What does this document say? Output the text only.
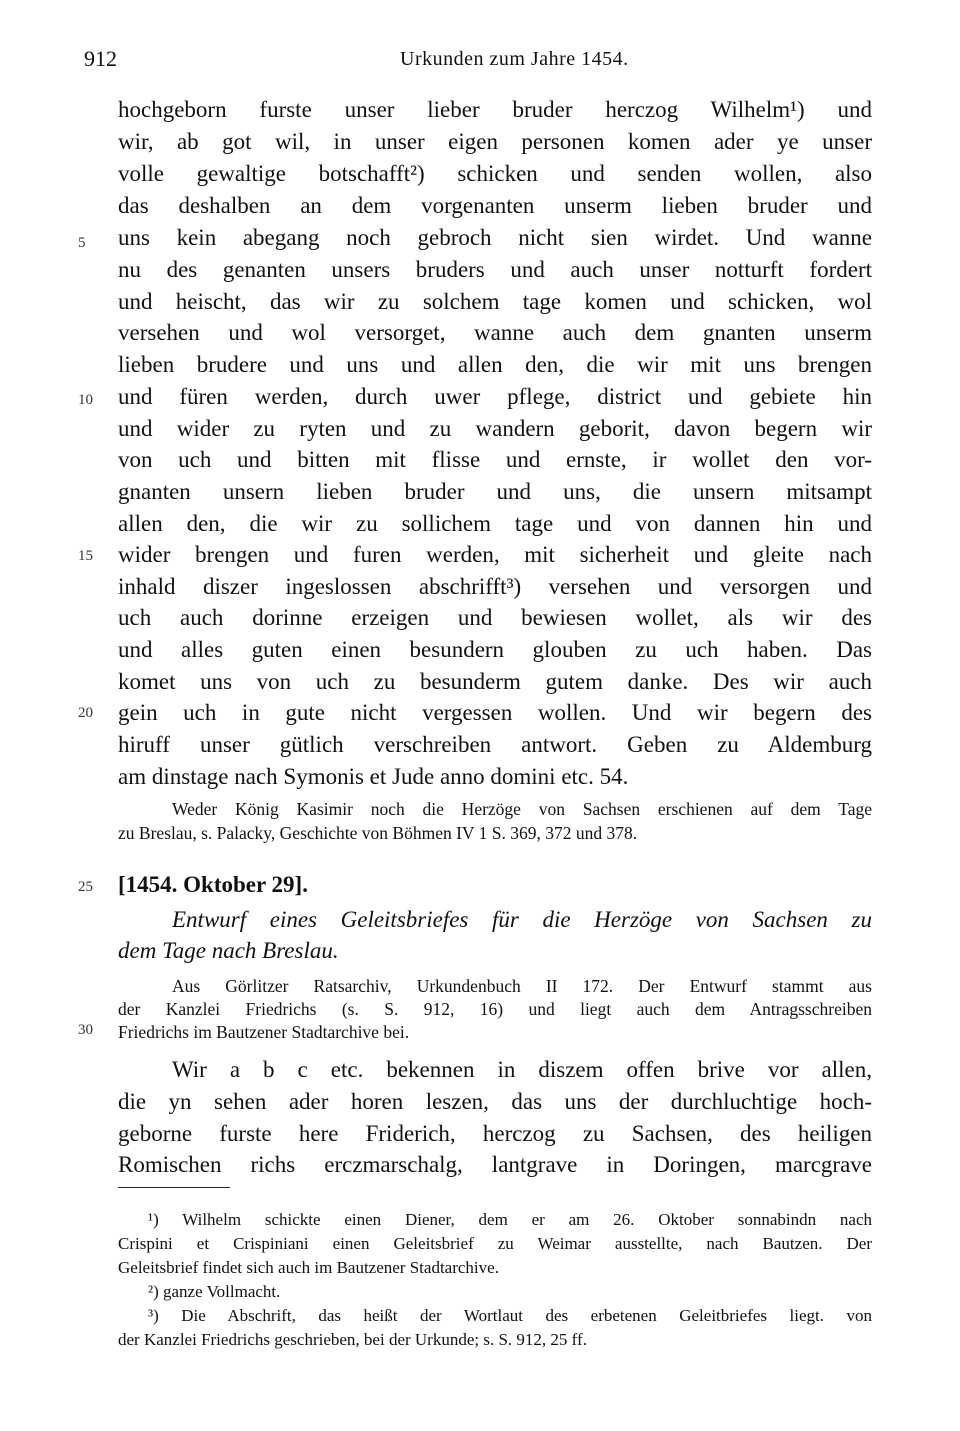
912	Urkunden zum Jahre 1454.
5
10
15
20
25
30
hochgeborn furste unser lieber bruder herczog Wilhelm¹) und
wir, ab got wil, in unser eigen personen komen ader ye unser
volle gewaltige botschafft²) schicken und senden wollen, also
das deshalben an dem vorgenanten unserm lieben bruder und
uns kein abegang noch gebroch nicht sien wirdet. Und wanne
nu des genanten unsers bruders und auch unser notturft fordert
und heischt, das wir zu solchem tage komen und schicken, wol
versehen und wol versorget, wanne auch dem gnanten unserm
lieben brudere und uns und allen den, die wir mit uns brengen
und füren werden, durch uwer pflege, district und gebiete hin
und wider zu ryten und zu wandern geborit, davon begern wir
von uch und bitten mit flisse und ernste, ir wollet den vor-
gnanten unsern lieben bruder und uns, die unsern mitsampt
allen den, die wir zu sollichem tage und von dannen hin und
wider brengen und furen werden, mit sicherheit und gleite nach
inhald diszer ingeslossen abschrifft³) versehen und versorgen und
uch auch dorinne erzeigen und bewiesen wollet, als wir des
und alles guten einen besundern glouben zu uch haben. Das
komet uns von uch zu besunderm gutem danke. Des wir auch
gein uch in gute nicht vergessen wollen. Und wir begern des
hiruff unser gütlich verschreiben antwort. Geben zu Aldemburg
am dinstage nach Symonis et Jude anno domini etc. 54.
Weder König Kasimir noch die Herzöge von Sachsen erschienen auf dem Tage
zu Breslau, s. Palacky, Geschichte von Böhmen IV 1 S. 369, 372 und 378.
[1454. Oktober 29].
Entwurf eines Geleitsbriefes für die Herzöge von Sachsen zu
dem Tage nach Breslau.
Aus Görlitzer Ratsarchiv, Urkundenbuch II 172. Der Entwurf stammt aus
der Kanzlei Friedrichs (s. S. 912, 16) und liegt auch dem Antragsschreiben
Friedrichs im Bautzener Stadtarchive bei.
Wir a b c etc. bekennen in diszem offen brive vor allen,
die yn sehen ader horen leszen, das uns der durchluchtige hoch-
geborne furste here Friderich, herczog zu Sachsen, des heiligen
Romischen richs erczmarschalg, lantgrave in Doringen, marcgrave
¹) Wilhelm schickte einen Diener, dem er am 26. Oktober sonnabindn nach
Crispini et Crispiniani einen Geleitsbrief zu Weimar ausstellte, nach Bautzen. Der
Geleitsbrief findet sich auch im Bautzener Stadtarchive.
²) ganze Vollmacht.
³) Die Abschrift, das heißt der Wortlaut des erbetenen Geleitbriefes liegt. von
der Kanzlei Friedrichs geschrieben, bei der Urkunde; s. S. 912, 25 ff.
